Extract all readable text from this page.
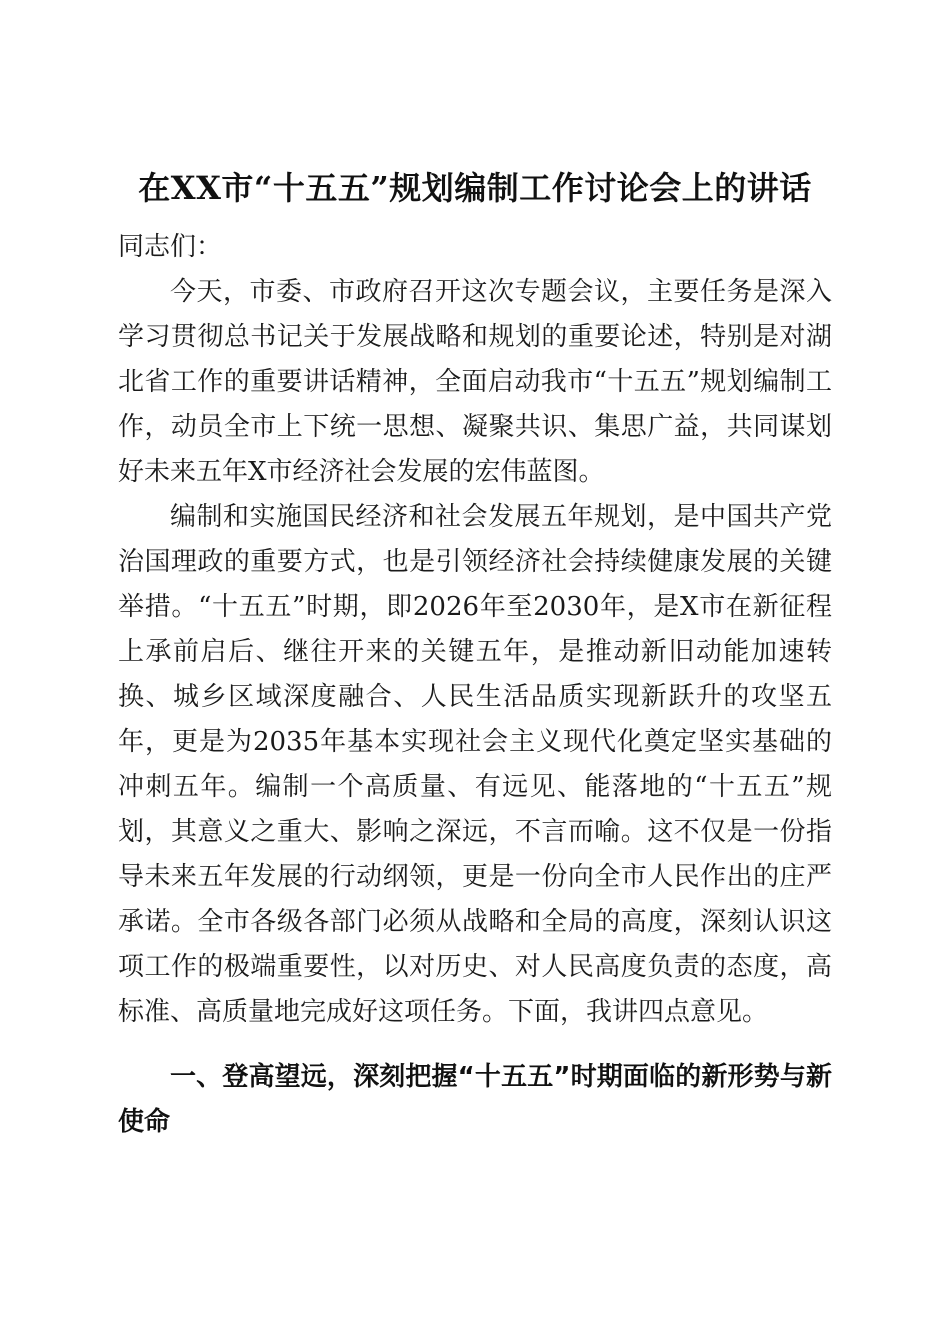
在XX市“十五五”规划编制工作讨论会上的讲话

同志们：

今天，市委、市政府召开这次专题会议，主要任务是深入学习贯彻总书记关于发展战略和规划的重要论述，特别是对湖北省工作的重要讲话精神，全面启动我市“十五五”规划编制工作，动员全市上下统一思想、凝聚共识、集思广益，共同谋划好未来五年X市经济社会发展的宏伟蓝图。

编制和实施国民经济和社会发展五年规划，是中国共产党治国理政的重要方式，也是引领经济社会持续健康发展的关键举措。“十五五”时期，即2026年至2030年，是X市在新征程上承前启后、继往开来的关键五年，是推动新旧动能加速转换、城乡区域深度融合、人民生活品质实现新跃升的攻坚五年，更是为2035年基本实现社会主义现代化奠定坚实基础的冲刺五年。编制一个高质量、有远见、能落地的“十五五”规划，其意义之重大、影响之深远，不言而喻。这不仅是一份指导未来五年发展的行动纲领，更是一份向全市人民作出的庄严承诺。全市各级各部门必须从战略和全局的高度，深刻认识这项工作的极端重要性，以对历史、对人民高度负责的态度，高标准、高质量地完成好这项任务。下面，我讲四点意见。

一、登高望远，深刻把握“十五五”时期面临的新形势与新使命
